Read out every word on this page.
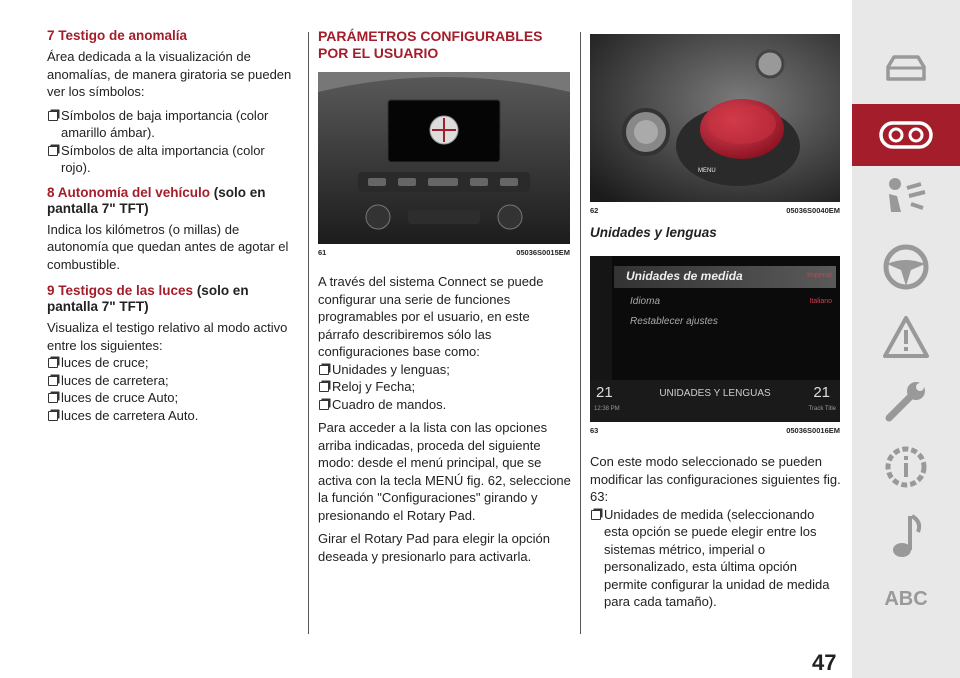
7 Testigo de anomalía

Área dedicada a la visualización de anomalías, de manera giratoria se pueden ver los símbolos:

Símbolos de baja importancia (color amarillo ámbar).
Símbolos de alta importancia (color rojo).
8 Autonomía del vehículo (solo en pantalla 7" TFT)

Indica los kilómetros (o millas) de autonomía que quedan antes de agotar el combustible.

9 Testigos de las luces (solo en pantalla 7" TFT)

Visualiza el testigo relativo al modo activo entre los siguientes:

luces de cruce;
luces de carretera;
luces de cruce Auto;
luces de carretera Auto.
PARÁMETROS CONFIGURABLES POR EL USUARIO
61	05036S0015EM

A través del sistema Connect se puede configurar una serie de funciones programables por el usuario, en este párrafo describiremos sólo las configuraciones base como:

Unidades y lenguas;
Reloj y Fecha;
Cuadro de mandos.

Para acceder a la lista con las opciones arriba indicadas, proceda del siguiente modo: desde el menú principal, que se activa con la tecla MENÚ fig. 62, seleccione la función "Configuraciones" girando y presionando el Rotary Pad.

Girar el Rotary Pad para elegir la opción deseada y presionarlo para activarla.

MENU
62	05036S0040EM
Unidades y lenguas
Unidades de medida	Imperial
Idioma	Italiano
Restablecer ajustes
21	UNIDADES Y LENGUAS	21
12:38 PM	Track Title
63	05036S0016EM

Con este modo seleccionado se pueden modificar las configuraciones siguientes fig. 63:

Unidades de medida (seleccionando esta opción se puede elegir entre los sistemas métrico, imperial o personalizado, esta última opción permite configurar la unidad de medida para cada tamaño).
47
ABC
